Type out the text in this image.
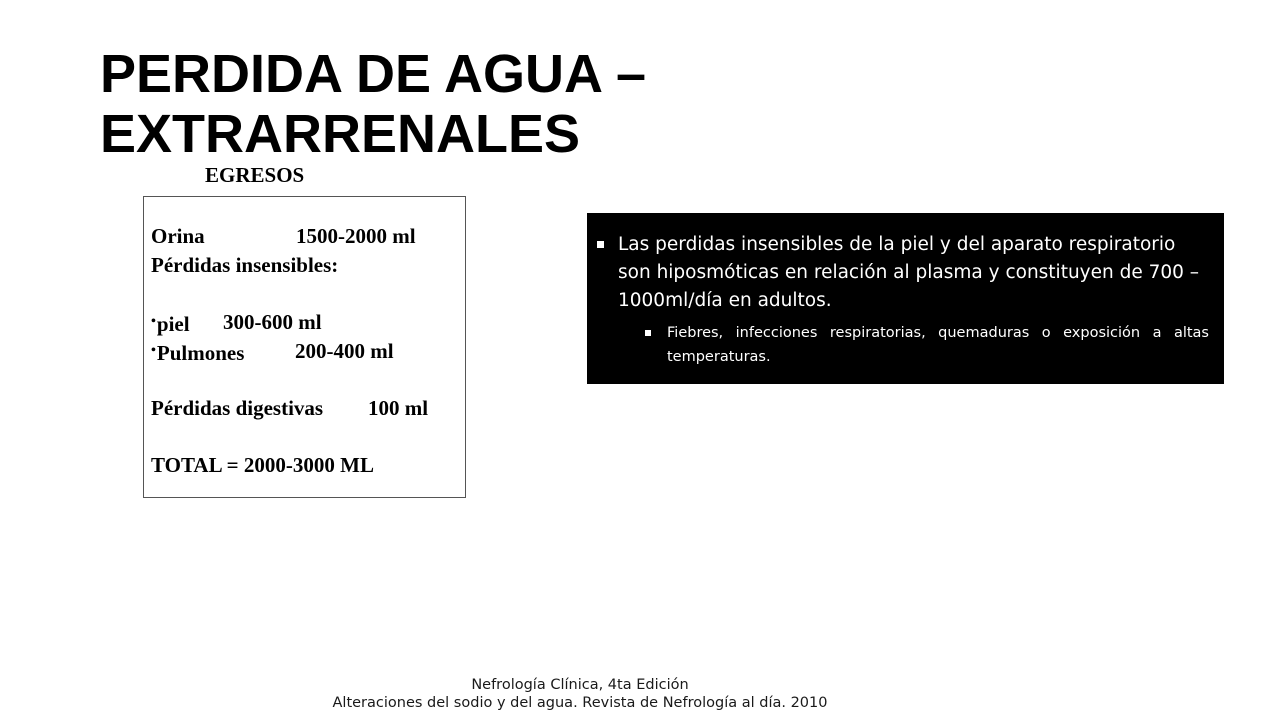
PERDIDA DE AGUA –
EXTRARRENALES
EGRESOS
Orina	1500-2000 ml
Pérdidas insensibles:
•piel 300-600 ml
•Pulmones 200-400 ml
Pérdidas digestivas 100 ml
TOTAL = 2000-3000 ML
Las perdidas insensibles de la piel y del aparato respiratorio son hiposmóticas en relación al plasma y constituyen de 700 – 1000ml/día en adultos.
Fiebres, infecciones respiratorias, quemaduras o exposición a altas temperaturas.
Nefrología Clínica, 4ta Edición
Alteraciones del sodio y del agua. Revista de Nefrología al día. 2010
